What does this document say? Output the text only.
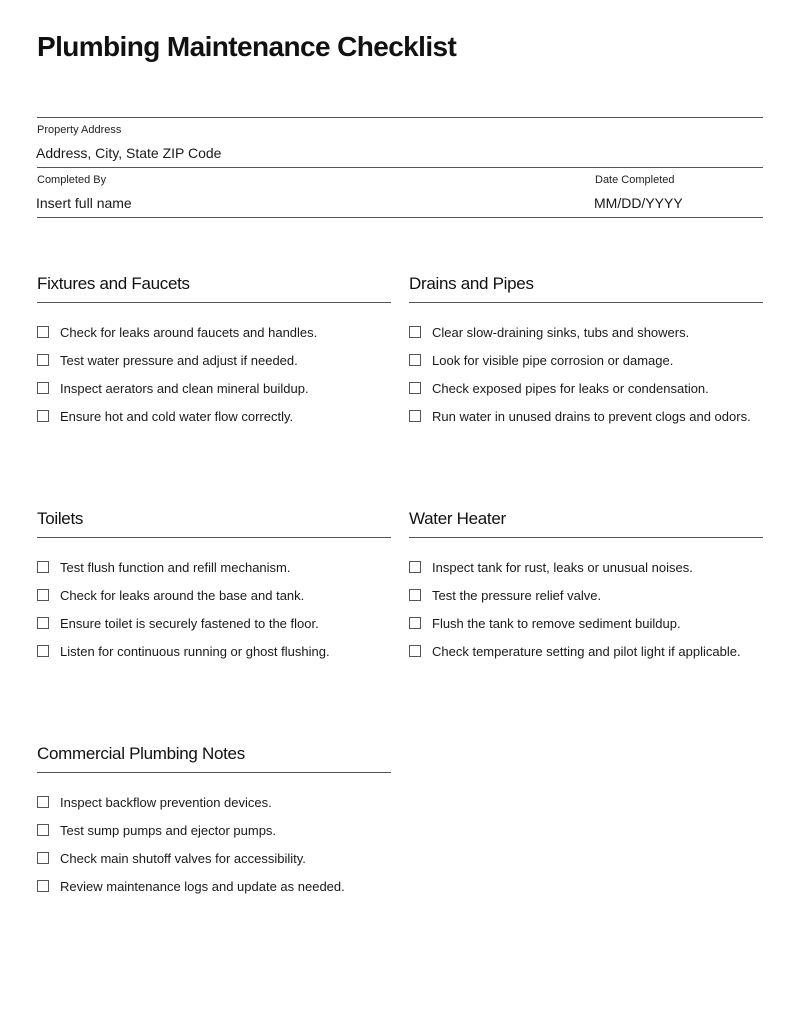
Plumbing Maintenance Checklist
Property Address
Address, City, State ZIP Code
Completed By
Insert full name
Date Completed
MM/DD/YYYY
Fixtures and Faucets
Check for leaks around faucets and handles.
Test water pressure and adjust if needed.
Inspect aerators and clean mineral buildup.
Ensure hot and cold water flow correctly.
Drains and Pipes
Clear slow-draining sinks, tubs and showers.
Look for visible pipe corrosion or damage.
Check exposed pipes for leaks or condensation.
Run water in unused drains to prevent clogs and odors.
Toilets
Test flush function and refill mechanism.
Check for leaks around the base and tank.
Ensure toilet is securely fastened to the floor.
Listen for continuous running or ghost flushing.
Water Heater
Inspect tank for rust, leaks or unusual noises.
Test the pressure relief valve.
Flush the tank to remove sediment buildup.
Check temperature setting and pilot light if applicable.
Commercial Plumbing Notes
Inspect backflow prevention devices.
Test sump pumps and ejector pumps.
Check main shutoff valves for accessibility.
Review maintenance logs and update as needed.
